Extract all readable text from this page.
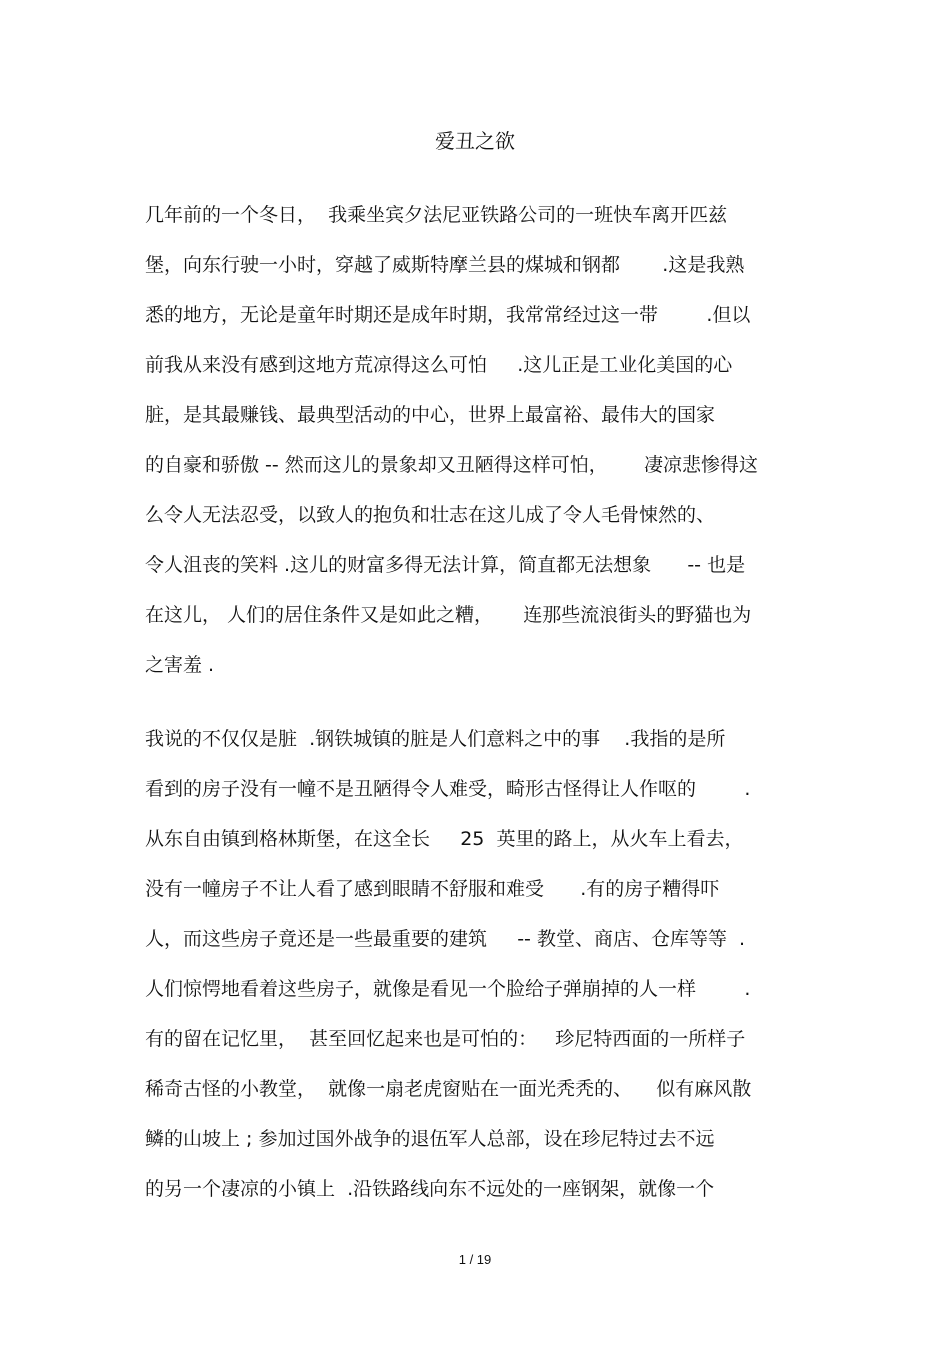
爱丑之欲
几年前的一个冬日，  我乘坐宾夕法尼亚铁路公司的一班快车离开匹兹
堡，向东行驶一小时，穿越了威斯特摩兰县的煤城和钢都       .这是我熟
悉的地方，无论是童年时期还是成年时期，我常常经过这一带        .但以
前我从来没有感到这地方荒凉得这么可怕     .这儿正是工业化美国的心
脏，是其最赚钱、最典型活动的中心，世界上最富裕、最伟大的国家
的自豪和骄傲 -- 然而这儿的景象却又丑陋得这样可怕，      凄凉悲惨得这
么令人无法忍受，以致人的抱负和壮志在这儿成了令人毛骨悚然的、
令人沮丧的笑料 .这儿的财富多得无法计算，简直都无法想象      -- 也是
在这儿， 人们的居住条件又是如此之糟，     连那些流浪街头的野猫也为
之害羞 .
我说的不仅仅是脏  .钢铁城镇的脏是人们意料之中的事    .我指的是所
看到的房子没有一幢不是丑陋得令人难受，畸形古怪得让人作呕的        .
从东自由镇到格林斯堡，在这全长     25  英里的路上，从火车上看去，
没有一幢房子不让人看了感到眼睛不舒服和难受      .有的房子糟得吓
人，而这些房子竟还是一些最重要的建筑     -- 教堂、商店、仓库等等  .
人们惊愕地看着这些房子，就像是看见一个脸给子弹崩掉的人一样        .
有的留在记忆里，  甚至回忆起来也是可怕的：   珍尼特西面的一所样子
稀奇古怪的小教堂，  就像一扇老虎窗贴在一面光秃秃的、    似有麻风散
鳞的山坡上 ; 参加过国外战争的退伍军人总部，设在珍尼特过去不远
的另一个凄凉的小镇上  .沿铁路线向东不远处的一座钢架，就像一个
1 / 19
